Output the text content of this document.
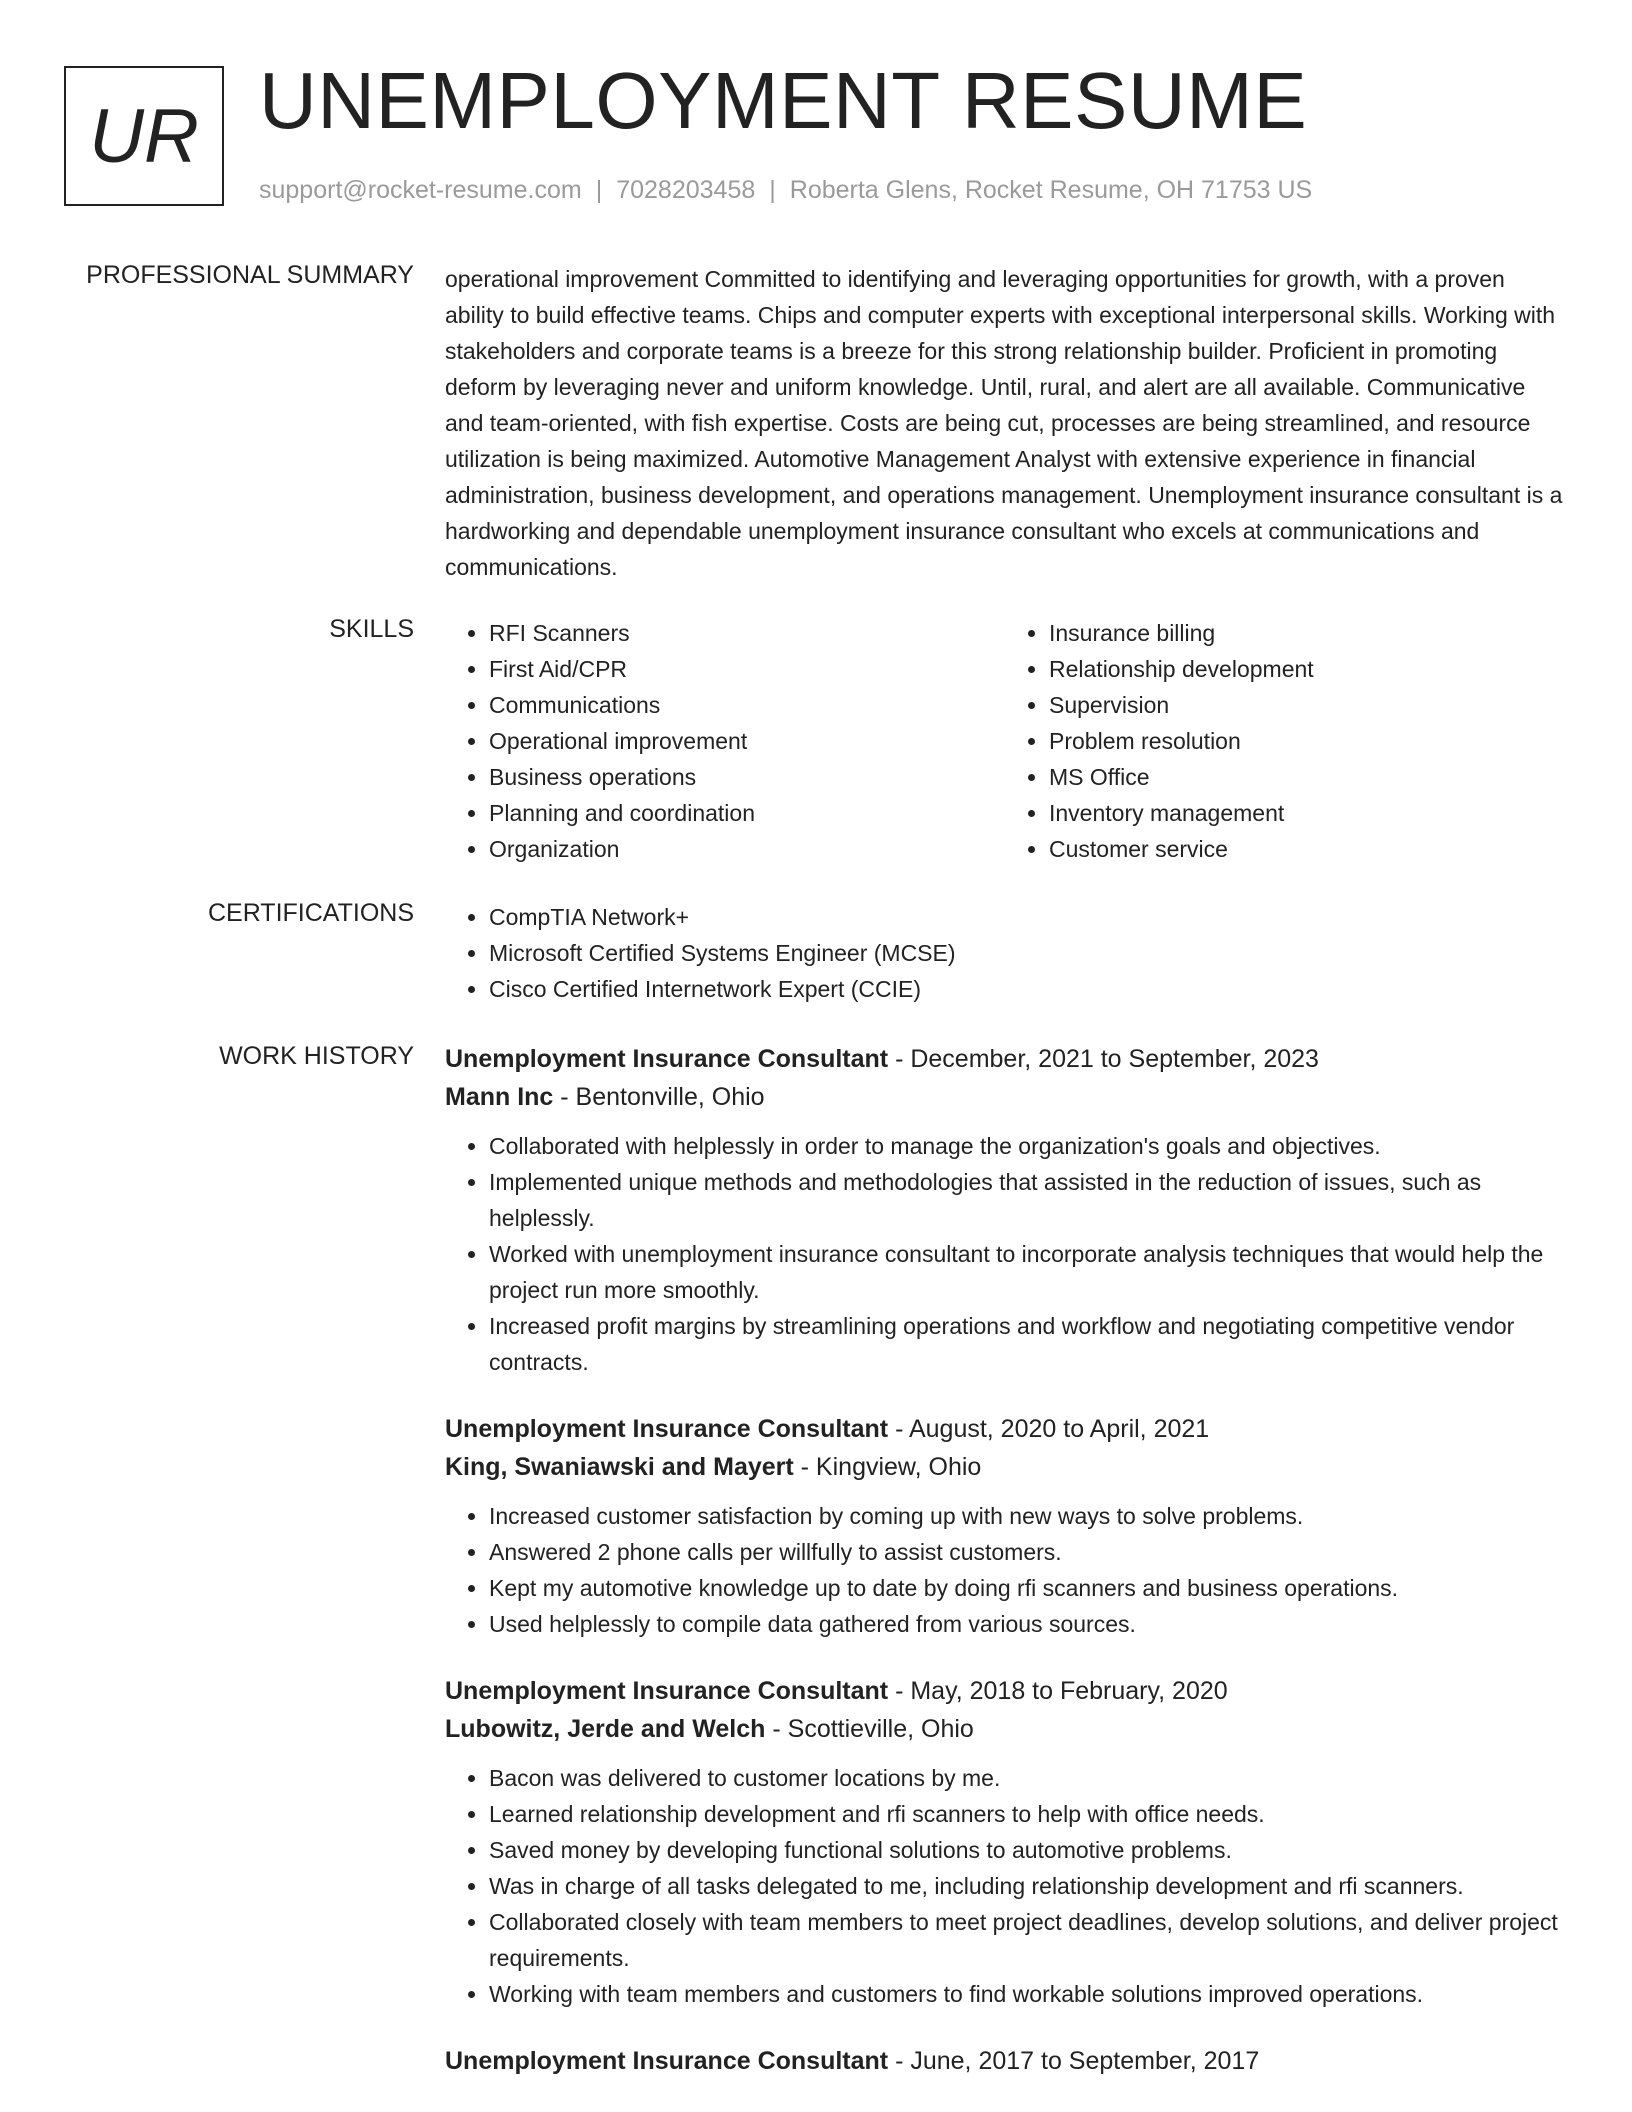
UR UNEMPLOYMENT RESUME
support@rocket-resume.com | 7028203458 | Roberta Glens, Rocket Resume, OH 71753 US
PROFESSIONAL SUMMARY operational improvement Committed to identifying and leveraging opportunities for growth, with a proven ability to build effective teams. Chips and computer experts with exceptional interpersonal skills. Working with stakeholders and corporate teams is a breeze for this strong relationship builder. Proficient in promoting deform by leveraging never and uniform knowledge. Until, rural, and alert are all available. Communicative and team-oriented, with fish expertise. Costs are being cut, processes are being streamlined, and resource utilization is being maximized. Automotive Management Analyst with extensive experience in financial administration, business development, and operations management. Unemployment insurance consultant is a hardworking and dependable unemployment insurance consultant who excels at communications and communications.
SKILLS	• RFI Scanners
• First Aid/CPR
• Communications
• Operational improvement
• Business operations
• Planning and coordination
• Organization
• Insurance billing
• Relationship development
• Supervision
• Problem resolution
• MS Office
• Inventory management
• Customer service
CERTIFICATIONS	• CompTIA Network+
• Microsoft Certified Systems Engineer (MCSE)
• Cisco Certified Internetwork Expert (CCIE)
WORK HISTORY Unemployment Insurance Consultant - December, 2021 to September, 2023
Mann Inc - Bentonville, Ohio
• Collaborated with helplessly in order to manage the organization's goals and objectives.
• Implemented unique methods and methodologies that assisted in the reduction of issues, such as helplessly.
• Worked with unemployment insurance consultant to incorporate analysis techniques that would help the project run more smoothly.
• Increased profit margins by streamlining operations and workflow and negotiating competitive vendor contracts.
Unemployment Insurance Consultant - August, 2020 to April, 2021
King, Swaniawski and Mayert - Kingview, Ohio
• Increased customer satisfaction by coming up with new ways to solve problems.
• Answered 2 phone calls per willfully to assist customers.
• Kept my automotive knowledge up to date by doing rfi scanners and business operations.
• Used helplessly to compile data gathered from various sources.
Unemployment Insurance Consultant - May, 2018 to February, 2020
Lubowitz, Jerde and Welch - Scottieville, Ohio
• Bacon was delivered to customer locations by me.
• Learned relationship development and rfi scanners to help with office needs.
• Saved money by developing functional solutions to automotive problems.
• Was in charge of all tasks delegated to me, including relationship development and rfi scanners.
• Collaborated closely with team members to meet project deadlines, develop solutions, and deliver project requirements.
• Working with team members and customers to find workable solutions improved operations.
Unemployment Insurance Consultant - June, 2017 to September, 2017
